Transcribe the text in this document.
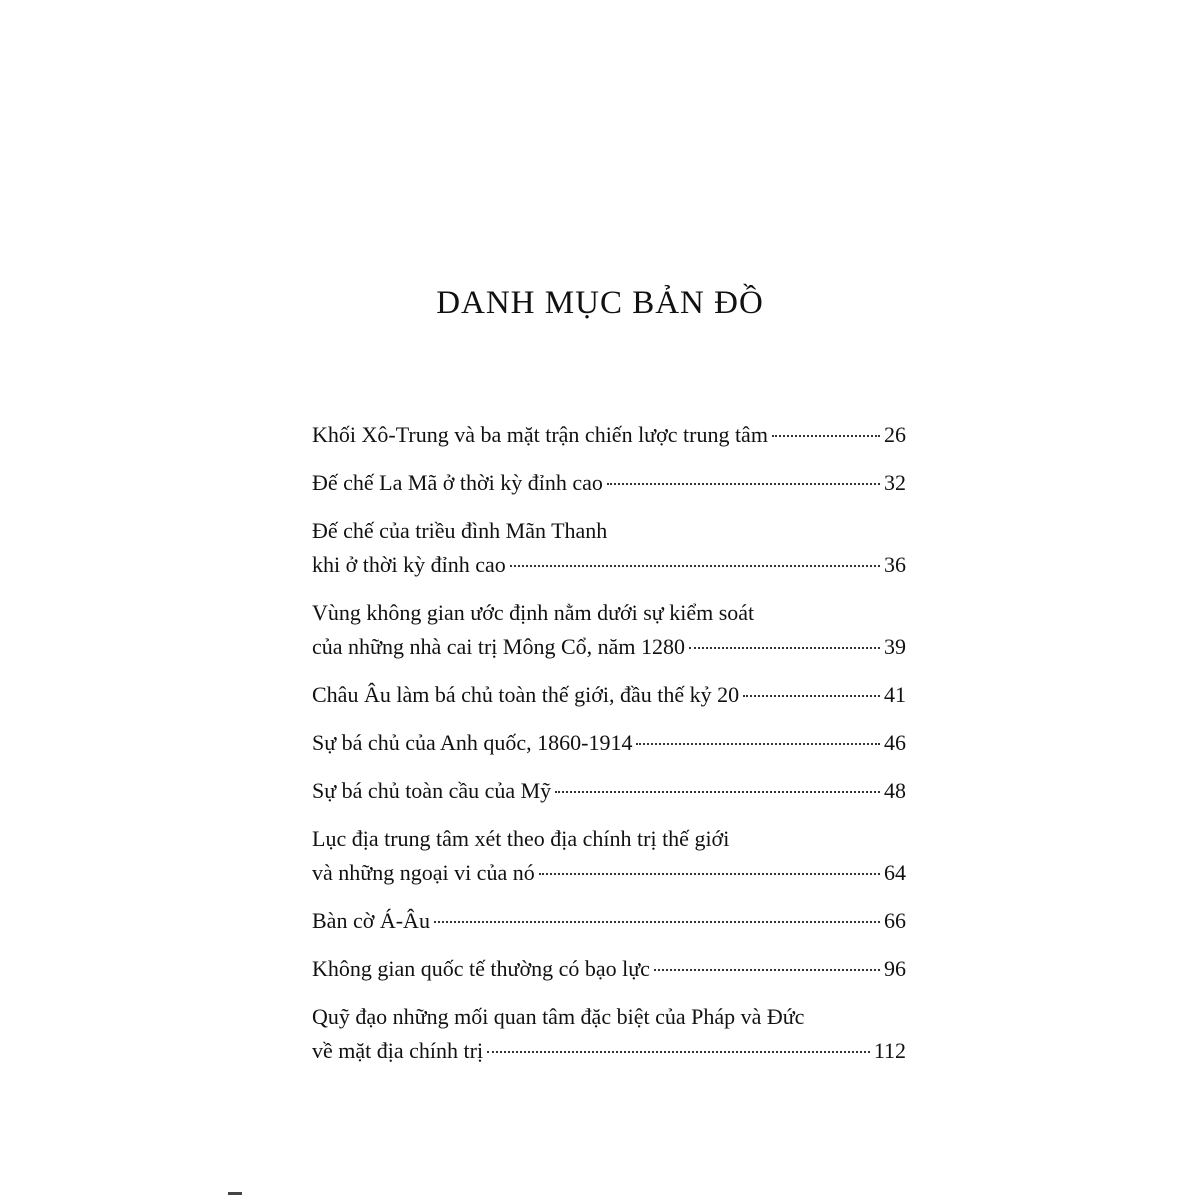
DANH MỤC BẢN ĐỒ
Khối Xô-Trung và ba mặt trận chiến lược trung tâm	26
Đế chế La Mã ở thời kỳ đỉnh cao	32
Đế chế của triều đình Mãn Thanh
khi ở thời kỳ đỉnh cao	36
Vùng không gian ước định nằm dưới sự kiểm soát
của những nhà cai trị Mông Cổ, năm 1280	39
Châu Âu làm bá chủ toàn thế giới, đầu thế kỷ 20	41
Sự bá chủ của Anh quốc, 1860-1914	46
Sự bá chủ toàn cầu của Mỹ	48
Lục địa trung tâm xét theo địa chính trị thế giới
và những ngoại vi của nó	64
Bàn cờ Á-Âu	66
Không gian quốc tế thường có bạo lực	96
Quỹ đạo những mối quan tâm đặc biệt của Pháp và Đức
về mặt địa chính trị	112
